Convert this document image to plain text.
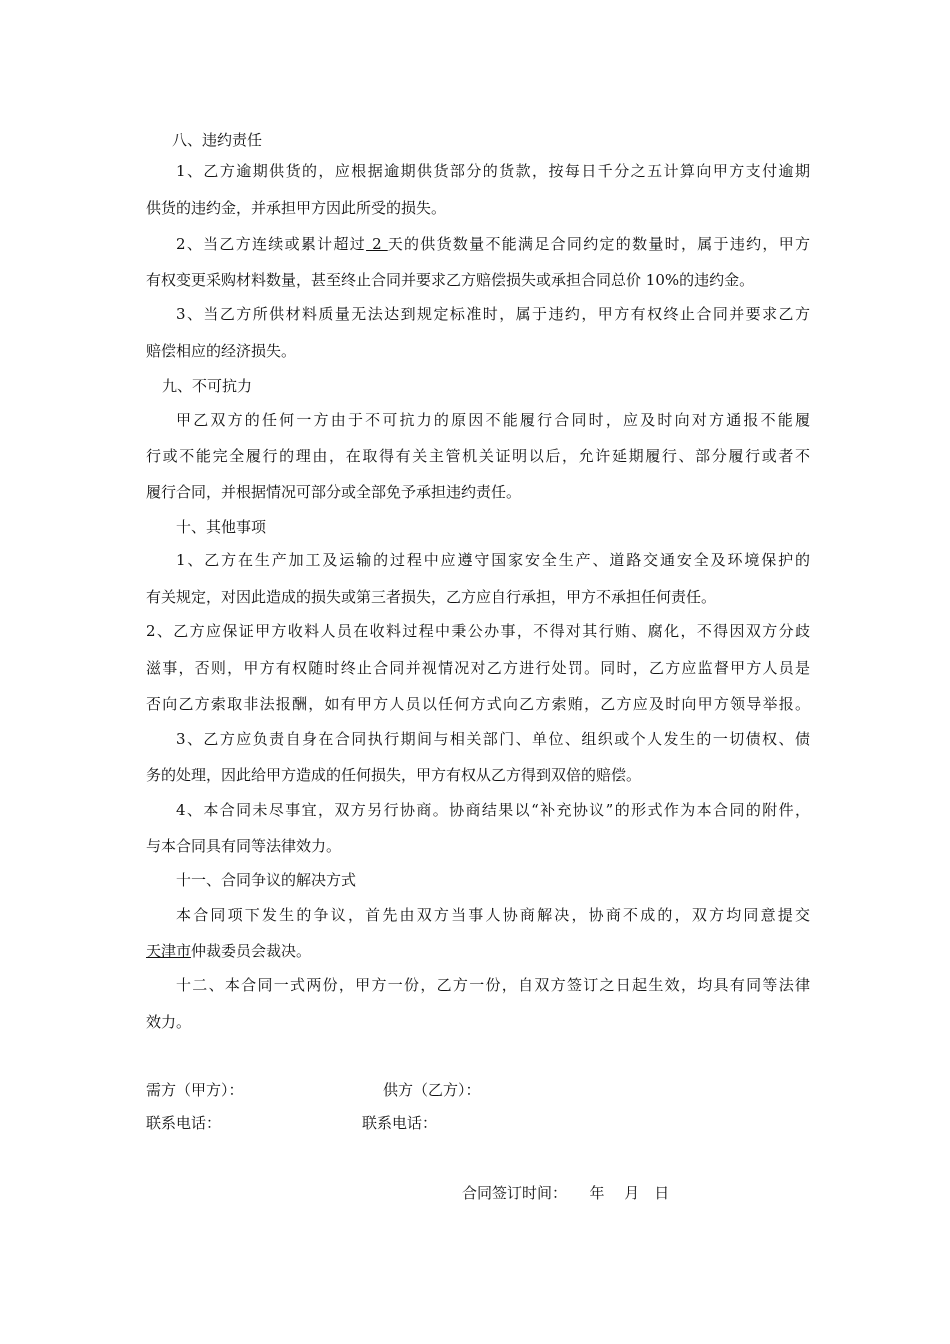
八、违约责任
1、乙方逾期供货的，应根据逾期供货部分的货款，按每日千分之五计算向甲方支付逾期
供货的违约金，并承担甲方因此所受的损失。
2、当乙方连续或累计超过 2 天的供货数量不能满足合同约定的数量时，属于违约，甲方
有权变更采购材料数量，甚至终止合同并要求乙方赔偿损失或承担合同总价 10%的违约金。
3、当乙方所供材料质量无法达到规定标准时，属于违约，甲方有权终止合同并要求乙方
赔偿相应的经济损失。
九、不可抗力
甲乙双方的任何一方由于不可抗力的原因不能履行合同时，应及时向对方通报不能履
行或不能完全履行的理由，在取得有关主管机关证明以后，允许延期履行、部分履行或者不
履行合同，并根据情况可部分或全部免予承担违约责任。
十、其他事项
1、乙方在生产加工及运输的过程中应遵守国家安全生产、道路交通安全及环境保护的
有关规定，对因此造成的损失或第三者损失，乙方应自行承担，甲方不承担任何责任。
2、乙方应保证甲方收料人员在收料过程中秉公办事，不得对其行贿、腐化，不得因双方分歧
滋事，否则，甲方有权随时终止合同并视情况对乙方进行处罚。同时，乙方应监督甲方人员是
否向乙方索取非法报酬，如有甲方人员以任何方式向乙方索贿，乙方应及时向甲方领导举报。
3、乙方应负责自身在合同执行期间与相关部门、单位、组织或个人发生的一切债权、债
务的处理，因此给甲方造成的任何损失，甲方有权从乙方得到双倍的赔偿。
4、本合同未尽事宜，双方另行协商。协商结果以“补充协议”的形式作为本合同的附件，
与本合同具有同等法律效力。
十一、合同争议的解决方式
本合同项下发生的争议，首先由双方当事人协商解决，协商不成的，双方均同意提交
天津市仲裁委员会裁决。
十二、本合同一式两份，甲方一份，乙方一份，自双方签订之日起生效，均具有同等法律
效力。
需方（甲方）：	供方（乙方）：
联系电话：	联系电话：
合同签订时间：　　年　 月　日
